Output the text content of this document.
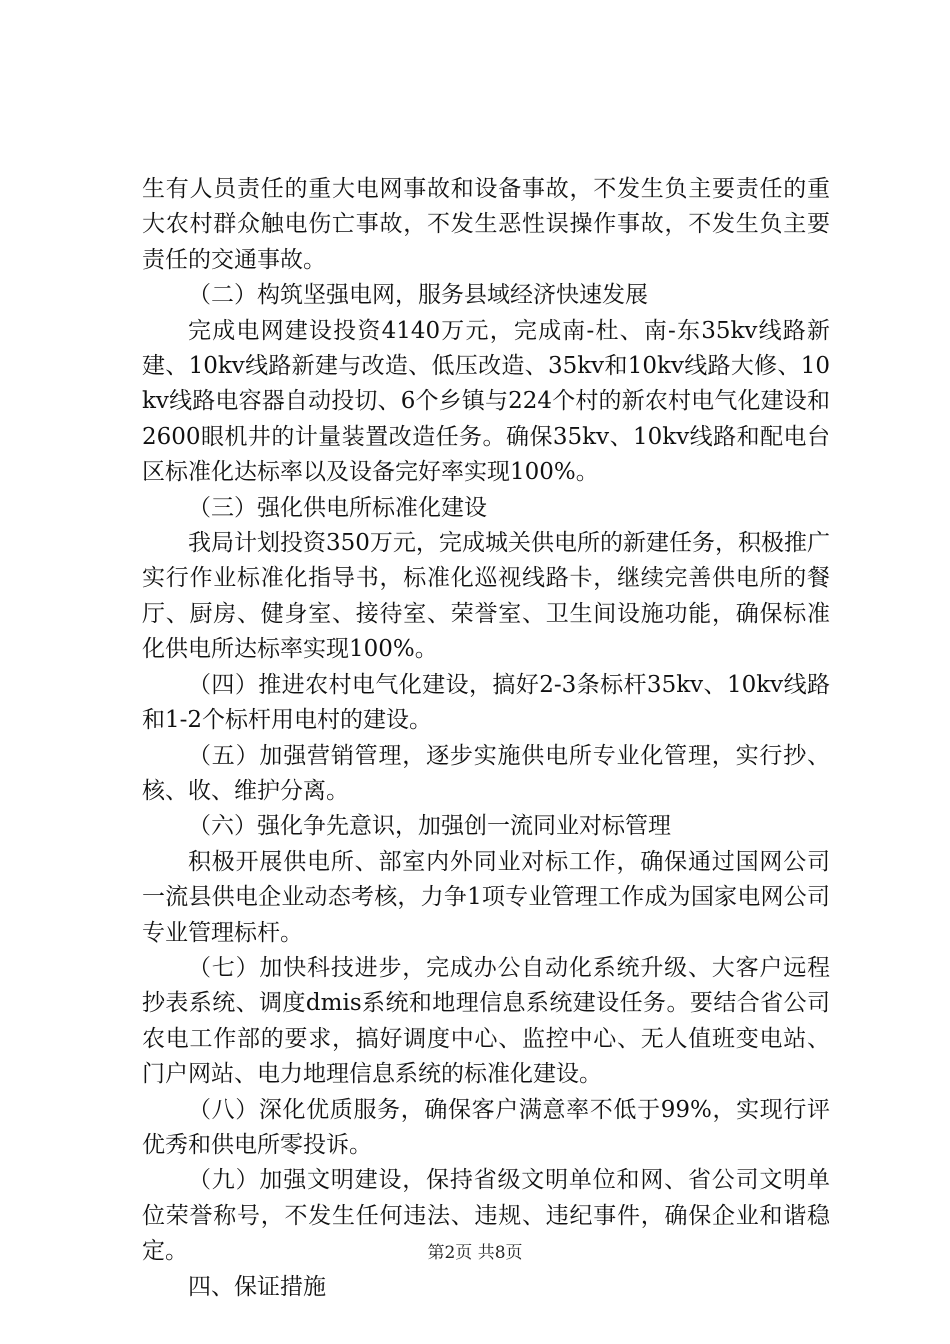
生有人员责任的重大电网事故和设备事故，不发生负主要责任的重大农村群众触电伤亡事故，不发生恶性误操作事故，不发生负主要责任的交通事故。

（二）构筑坚强电网，服务县域经济快速发展

完成电网建设投资4140万元，完成南-杜、南-东35kv线路新建、10kv线路新建与改造、低压改造、35kv和10kv线路大修、10kv线路电容器自动投切、6个乡镇与224个村的新农村电气化建设和2600眼机井的计量装置改造任务。确保35kv、10kv线路和配电台区标准化达标率以及设备完好率实现100%。

（三）强化供电所标准化建设

我局计划投资350万元，完成城关供电所的新建任务，积极推广实行作业标准化指导书，标准化巡视线路卡，继续完善供电所的餐厅、厨房、健身室、接待室、荣誉室、卫生间设施功能，确保标准化供电所达标率实现100%。

（四）推进农村电气化建设，搞好2-3条标杆35kv、10kv线路和1-2个标杆用电村的建设。

（五）加强营销管理，逐步实施供电所专业化管理，实行抄、核、收、维护分离。

（六）强化争先意识，加强创一流同业对标管理

积极开展供电所、部室内外同业对标工作，确保通过国网公司一流县供电企业动态考核，力争1项专业管理工作成为国家电网公司专业管理标杆。

（七）加快科技进步，完成办公自动化系统升级、大客户远程抄表系统、调度dmis系统和地理信息系统建设任务。要结合省公司农电工作部的要求，搞好调度中心、监控中心、无人值班变电站、门户网站、电力地理信息系统的标准化建设。

（八）深化优质服务，确保客户满意率不低于99%，实现行评优秀和供电所零投诉。

（九）加强文明建设，保持省级文明单位和网、省公司文明单位荣誉称号，不发生任何违法、违规、违纪事件，确保企业和谐稳定。

四、保证措施

第2页 共8页
